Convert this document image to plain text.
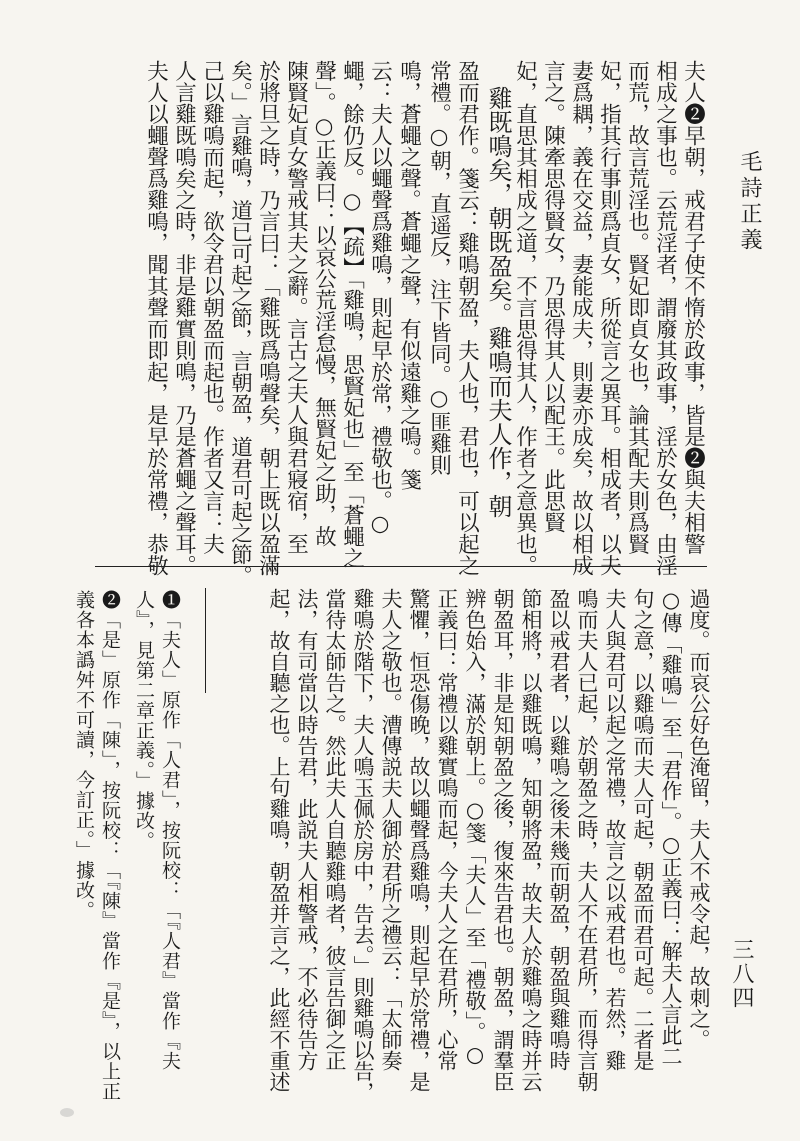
毛詩正義
三八四
夫人❷早朝，戒君子使不惰於政事，皆是❷與夫相警
相成之事也。云荒淫者，謂廢其政事，淫於女色，由淫
而荒，故言荒淫也。賢妃即貞女也，論其配夫則爲賢
妃，指其行事則爲貞女，所從言之異耳。相成者，以夫
妻爲耦，義在交益，妻能成夫，則妻亦成矣，故以相成
言之。陳牽思得賢女，乃思得其人以配王。此思賢
妃，直思其相成之道，不言思得其人，作者之意異也。
雞既鳴矣，朝既盈矣。雞鳴而夫人作，朝
盈而君作。箋云：雞鳴朝盈，夫人也，君也，可以起之
常禮。○朝，直遥反，注下皆同。○匪雞則
鳴，蒼蠅之聲。蒼蠅之聲，有似遠雞之鳴。箋
云：夫人以蠅聲爲雞鳴，則起早於常，禮敬也。○
蠅，餘仍反。○【疏】「雞鳴，思賢妃也」至「蒼蠅之
聲」。○正義曰：以哀公荒淫怠慢，無賢妃之助，故
陳賢妃貞女警戒其夫之辭。言古之夫人與君寢宿，至
於將旦之時，乃言曰：「雞既爲鳴聲矣，朝上既以盈滿
矣。」言雞鳴，道已可起之節，言朝盈，道君可起之節。
己以雞鳴而起，欲令君以朝盈而起也。作者又言：夫
人言雞既鳴矣之時，非是雞實則鳴，乃是蒼蠅之聲耳。
夫人以蠅聲爲雞鳴，聞其聲而即起，是早於常禮，恭敬
過度。而哀公好色淹留，夫人不戒令起，故刺之。
○傳「雞鳴」至「君作」。○正義曰：解夫人言此二
句之意，以雞鳴而夫人可起，朝盈而君可起。二者是
夫人與君可以起之常禮，故言之以戒君也。若然，雞
鳴而夫人已起，於朝盈之時，夫人不在君所，而得言朝
盈以戒君者，以雞鳴之後未幾而朝盈，朝盈與雞鳴時
節相將，以雞既鳴，知朝將盈，故夫人於雞鳴之時并云
朝盈耳，非是知朝盈之後，復來告君也。朝盈，謂羣臣
辨色始入，滿於朝上。○箋「夫人」至「禮敬」。○
正義曰：常禮以雞實鳴而起，今夫人之在君所，心常
驚懼，恒恐傷晚，故以蠅聲爲雞鳴，則起早於常禮，是
夫人之敬也。漕傳説夫人御於君所之禮云：「太師奏
雞鳴於階下，夫人鳴玉佩於房中，告去。」則雞鳴以告，
當待太師告之。然此夫人自聽雞鳴者，彼言告御之正
法，有司當以時告君，此説夫人相警戒，不必待告方
起，故自聽之也。上句雞鳴，朝盈并言之，此經不重述
❶「夫人」原作「人君」，按阮校：「『人君』當作『夫
人』，見第二章正義。」據改。
❷「是」原作「陳」，按阮校：「『陳』當作『是』，以上正
義各本譌舛不可讀，今訂正。」據改。
